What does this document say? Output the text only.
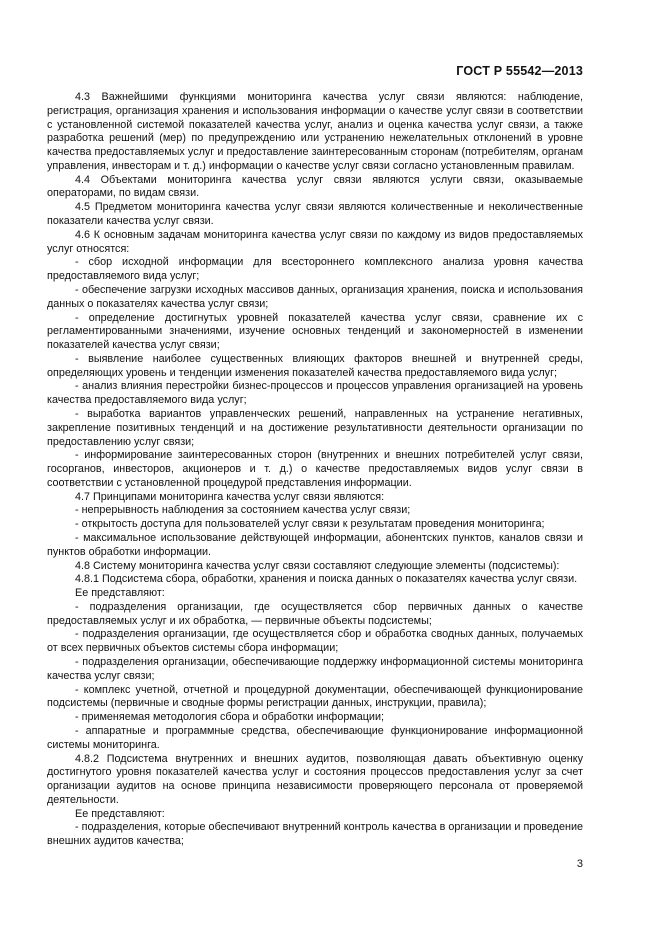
ГОСТ Р 55542—2013

4.3 Важнейшими функциями мониторинга качества услуг связи являются: наблюдение, регистрация, организация хранения и использования информации о качестве услуг связи в соответствии с установленной системой показателей качества услуг, анализ и оценка качества услуг связи, а также разработка решений (мер) по предупреждению или устранению нежелательных отклонений в уровне качества предоставляемых услуг и предоставление заинтересованным сторонам (потребителям, органам управления, инвесторам и т. д.) информации о качестве услуг связи согласно установленным правилам.

4.4 Объектами мониторинга качества услуг связи являются услуги связи, оказываемые операторами, по видам связи.

4.5 Предметом мониторинга качества услуг связи являются количественные и неколичественные показатели качества услуг связи.

4.6 К основным задачам мониторинга качества услуг связи по каждому из видов предоставляемых услуг относятся:

- сбор исходной информации для всестороннего комплексного анализа уровня качества предоставляемого вида услуг;

- обеспечение загрузки исходных массивов данных, организация хранения, поиска и использования данных о показателях качества услуг связи;

- определение достигнутых уровней показателей качества услуг связи, сравнение их с регламентированными значениями, изучение основных тенденций и закономерностей в изменении показателей качества услуг связи;

- выявление наиболее существенных влияющих факторов внешней и внутренней среды, определяющих уровень и тенденции изменения показателей качества предоставляемого вида услуг;

- анализ влияния перестройки бизнес-процессов и процессов управления организацией на уровень качества предоставляемого вида услуг;

- выработка вариантов управленческих решений, направленных на устранение негативных, закрепление позитивных тенденций и на достижение результативности деятельности организации по предоставлению услуг связи;

- информирование заинтересованных сторон (внутренних и внешних потребителей услуг связи, госорганов, инвесторов, акционеров и т. д.) о качестве предоставляемых видов услуг связи в соответствии с установленной процедурой представления информации.

4.7 Принципами мониторинга качества услуг связи являются:

- непрерывность наблюдения за состоянием качества услуг связи;

- открытость доступа для пользователей услуг связи к результатам проведения мониторинга;

- максимальное использование действующей информации, абонентских пунктов, каналов связи и пунктов обработки информации.

4.8 Систему мониторинга качества услуг связи составляют следующие элементы (подсистемы):

4.8.1 Подсистема сбора, обработки, хранения и поиска данных о показателях качества услуг связи.

Ее представляют:

- подразделения организации, где осуществляется сбор первичных данных о качестве предоставляемых услуг и их обработка, — первичные объекты подсистемы;

- подразделения организации, где осуществляется сбор и обработка сводных данных, получаемых от всех первичных объектов системы сбора информации;

- подразделения организации, обеспечивающие поддержку информационной системы мониторинга качества услуг связи;

- комплекс учетной, отчетной и процедурной документации, обеспечивающей функционирование подсистемы (первичные и сводные формы регистрации данных, инструкции, правила);

- применяемая методология сбора и обработки информации;

- аппаратные и программные средства, обеспечивающие функционирование информационной системы мониторинга.

4.8.2 Подсистема внутренних и внешних аудитов, позволяющая давать объективную оценку достигнутого уровня показателей качества услуг и состояния процессов предоставления услуг за счет организации аудитов на основе принципа независимости проверяющего персонала от проверяемой деятельности.

Ее представляют:

- подразделения, которые обеспечивают внутренний контроль качества в организации и проведение внешних аудитов качества;

3
